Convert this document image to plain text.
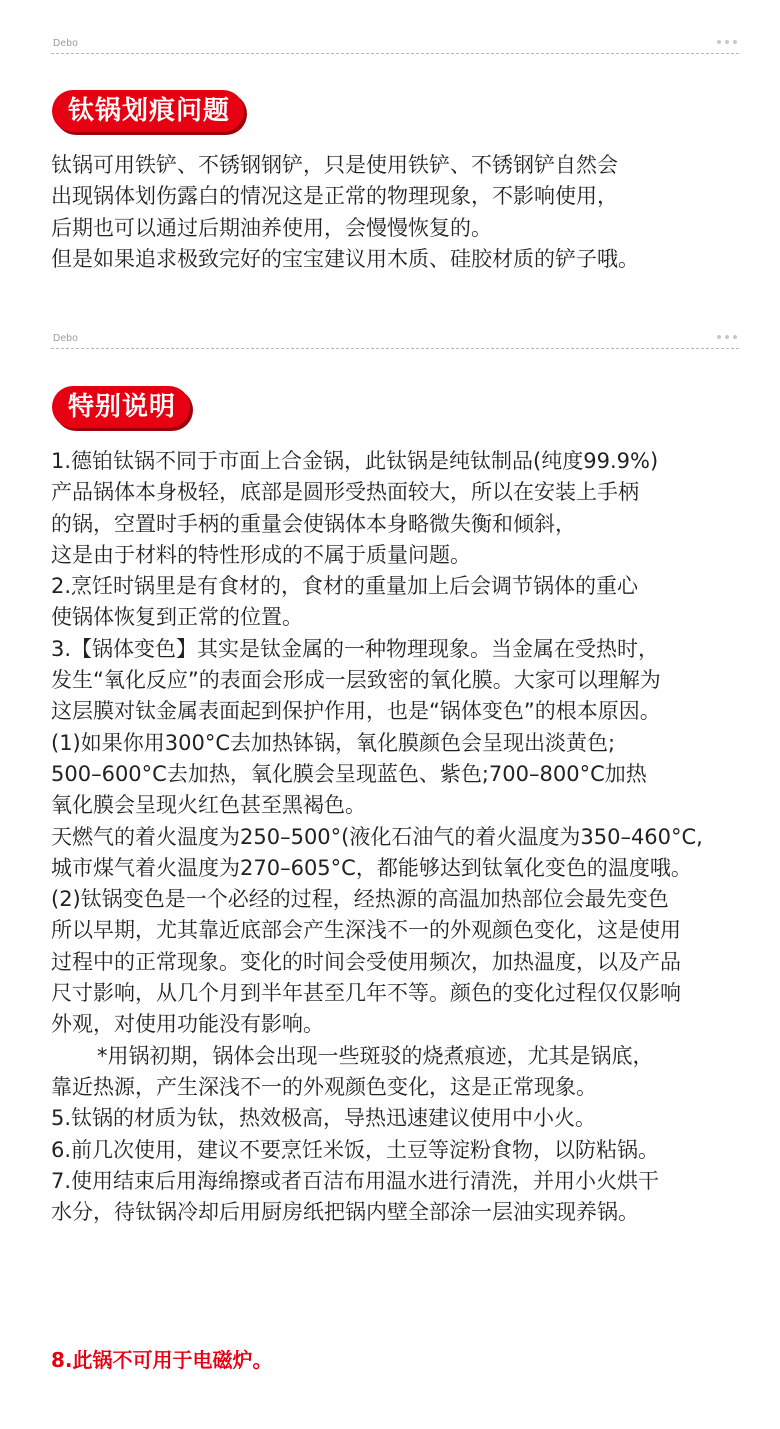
Debo
钛锅划痕问题
钛锅可用铁铲、不锈钢钢铲，只是使用铁铲、不锈钢铲自然会
出现锅体划伤露白的情况这是正常的物理现象，不影响使用，
后期也可以通过后期油养使用，会慢慢恢复的。
但是如果追求极致完好的宝宝建议用木质、硅胶材质的铲子哦。
Debo
特别说明
1.德铂钛锅不同于市面上合金锅，此钛锅是纯钛制品(纯度99.9%)
产品锅体本身极轻，底部是圆形受热面较大，所以在安装上手柄
的锅，空置时手柄的重量会使锅体本身略微失衡和倾斜，
这是由于材料的特性形成的不属于质量问题。
2.烹饪时锅里是有食材的，食材的重量加上后会调节锅体的重心
使锅体恢复到正常的位置。
3.【锅体变色】其实是钛金属的一种物理现象。当金属在受热时，
发生“氧化反应”的表面会形成一层致密的氧化膜。大家可以理解为
这层膜对钛金属表面起到保护作用，也是“锅体变色”的根本原因。
(1)如果你用300°C去加热钵锅，氧化膜颜色会呈现出淡黄色;
500–600°C去加热，氧化膜会呈现蓝色、紫色;700–800°C加热
氧化膜会呈现火红色甚至黑褐色。
天燃气的着火温度为250–500°(液化石油气的着火温度为350–460°C,
城市煤气着火温度为270–605°C，都能够达到钛氧化变色的温度哦。
(2)钛锅变色是一个必经的过程，经热源的高温加热部位会最先变色
所以早期，尤其靠近底部会产生深浅不一的外观颜色变化，这是使用
过程中的正常现象。变化的时间会受使用频次，加热温度，以及产品
尺寸影响，从几个月到半年甚至几年不等。颜色的变化过程仅仅影响
外观，对使用功能没有影响。
*用锅初期，锅体会出现一些斑驳的烧煮痕迹，尤其是锅底，
靠近热源，产生深浅不一的外观颜色变化，这是正常现象。
5.钛锅的材质为钛，热效极高，导热迅速建议使用中小火。
6.前几次使用，建议不要烹饪米饭，土豆等淀粉食物，以防粘锅。
7.使用结束后用海绵擦或者百洁布用温水进行清洗，并用小火烘干
水分，待钛锅冷却后用厨房纸把锅内壁全部涂一层油实现养锅。
8.此锅不可用于电磁炉。
